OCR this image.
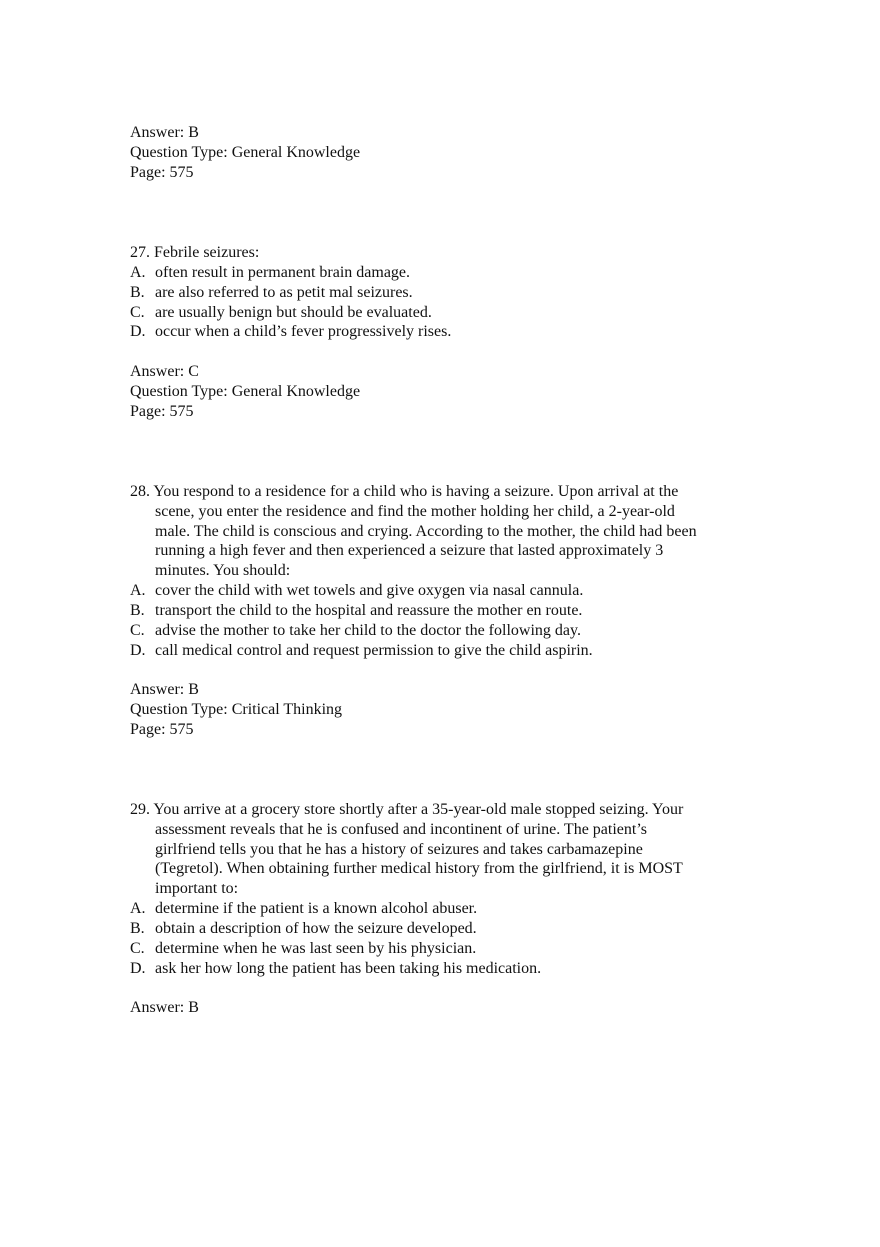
Answer: B
Question Type: General Knowledge
Page: 575
27. Febrile seizures:
A. often result in permanent brain damage.
B. are also referred to as petit mal seizures.
C. are usually benign but should be evaluated.
D. occur when a child’s fever progressively rises.
Answer: C
Question Type: General Knowledge
Page: 575
28. You respond to a residence for a child who is having a seizure. Upon arrival at the
scene, you enter the residence and find the mother holding her child, a 2-year-old
male. The child is conscious and crying. According to the mother, the child had been
running a high fever and then experienced a seizure that lasted approximately 3
minutes. You should:
A. cover the child with wet towels and give oxygen via nasal cannula.
B. transport the child to the hospital and reassure the mother en route.
C. advise the mother to take her child to the doctor the following day.
D. call medical control and request permission to give the child aspirin.
Answer: B
Question Type: Critical Thinking
Page: 575
29. You arrive at a grocery store shortly after a 35-year-old male stopped seizing. Your
assessment reveals that he is confused and incontinent of urine. The patient’s
girlfriend tells you that he has a history of seizures and takes carbamazepine
(Tegretol). When obtaining further medical history from the girlfriend, it is MOST
important to:
A. determine if the patient is a known alcohol abuser.
B. obtain a description of how the seizure developed.
C. determine when he was last seen by his physician.
D. ask her how long the patient has been taking his medication.
Answer: B
